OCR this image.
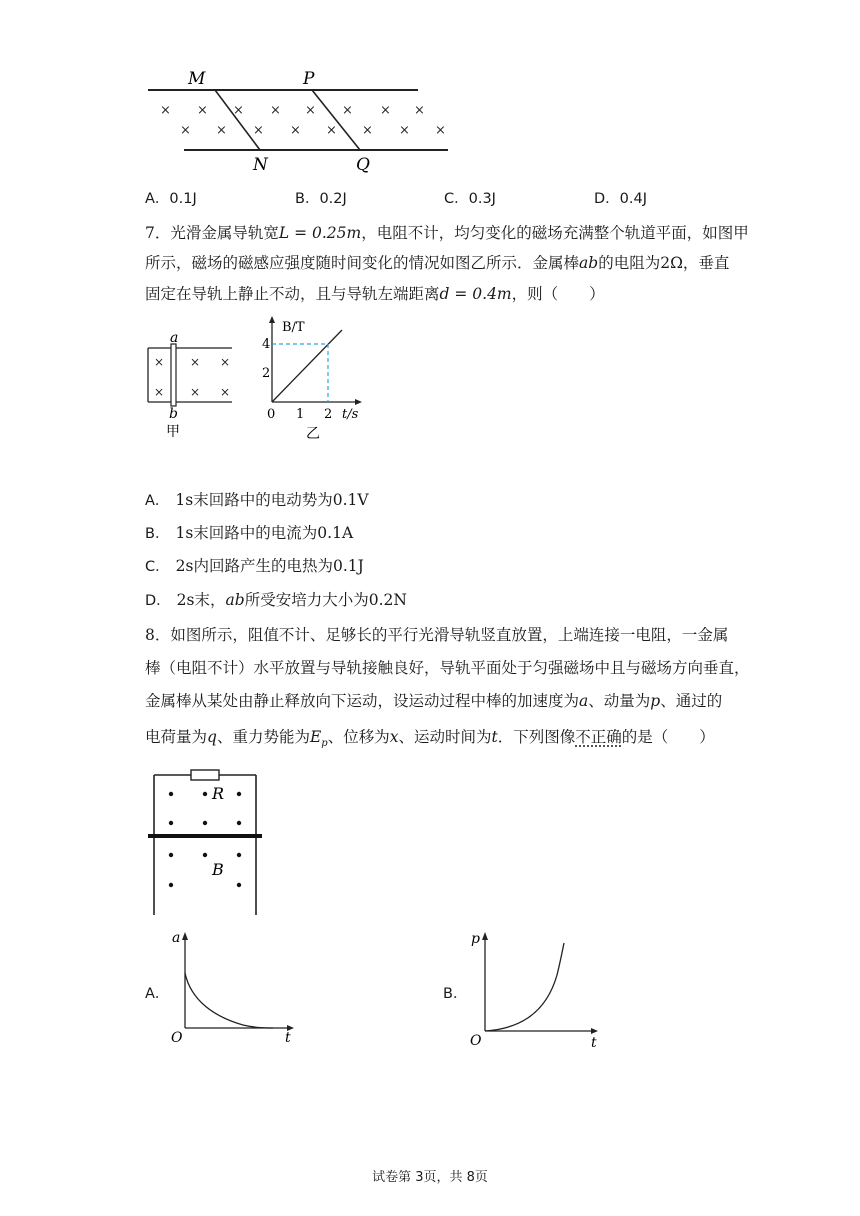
× × × × × × × ×
× × × × × × × ×
M	P
N	Q
A．0.1J	B．0.2J	C．0.3J	D．0.4J
7．光滑金属导轨宽L = 0.25m，电阻不计，均匀变化的磁场充满整个轨道平面，如图甲
所示，磁场的磁感应强度随时间变化的情况如图乙所示．金属棒ab的电阻为2Ω，垂直
固定在导轨上静止不动，且与导轨左端距离d = 0.4m，则（　　）
× × ×
× × ×
a
b
甲
B/T
4
2
0 1 2 t/s
乙
A． 1s末回路中的电动势为0.1V
B． 1s末回路中的电流为0.1A
C． 2s内回路产生的电热为0.1J
D． 2s末，ab所受安培力大小为0.2N
8．如图所示，阻值不计、足够长的平行光滑导轨竖直放置，上端连接一电阻，一金属
棒（电阻不计）水平放置与导轨接触良好，导轨平面处于匀强磁场中且与磁场方向垂直，
金属棒从某处由静止释放向下运动，设运动过程中棒的加速度为a、动量为p、通过的
电荷量为q、重力势能为$E_p$、位移为x、运动时间为t．下列图像不正确的是（　　）
R
B
A．
a
O	t
B．
p
O	t
试卷第 3页，共 8页
